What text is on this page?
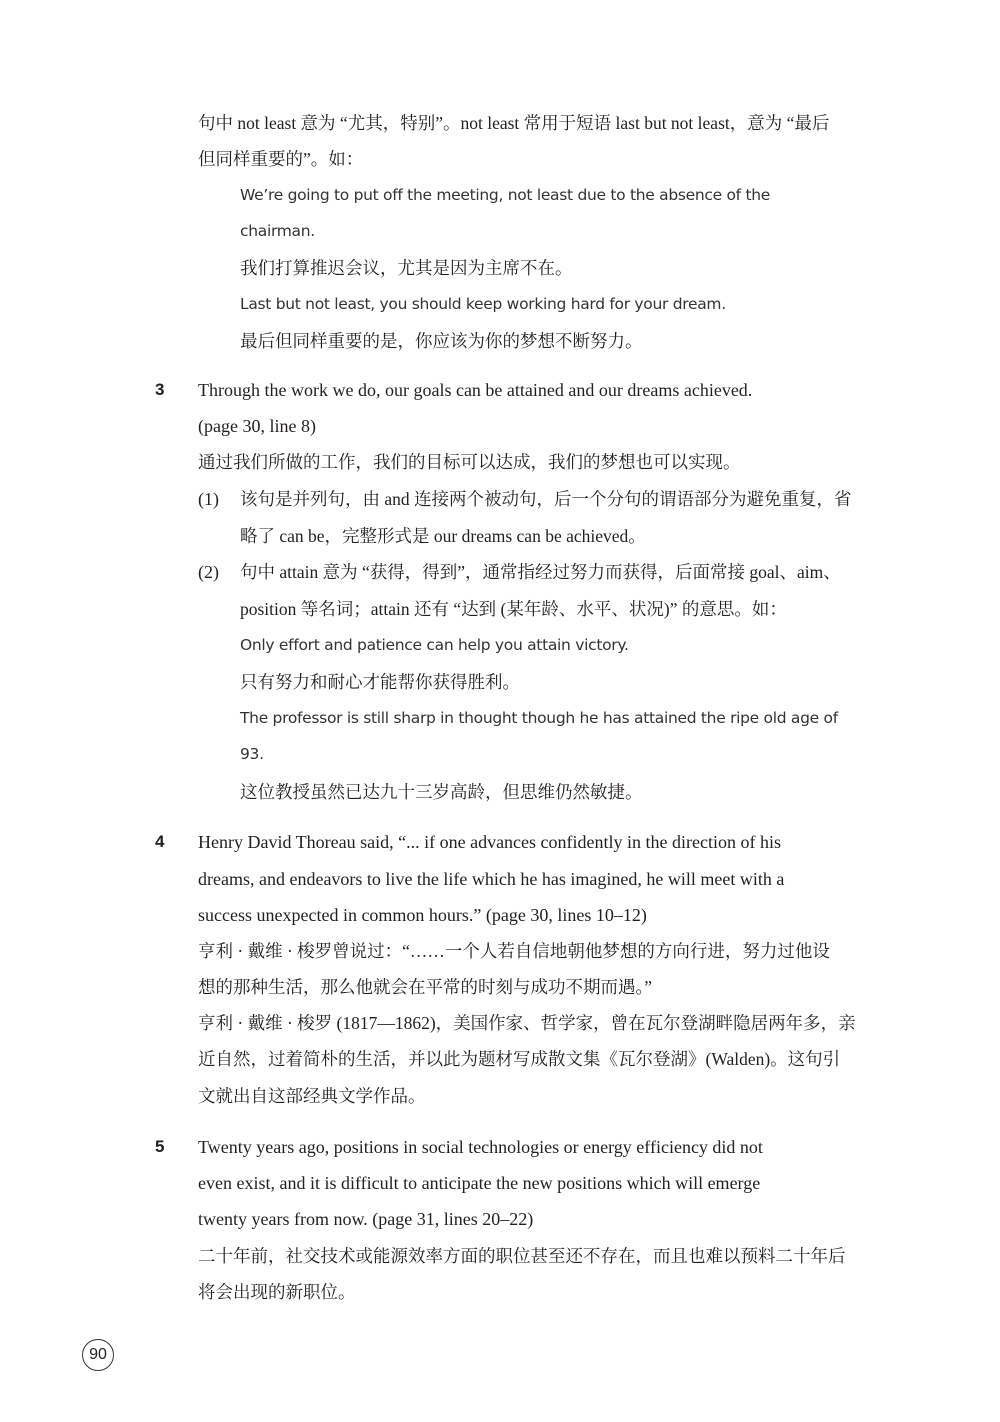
句中 not least 意为 “尤其，特别”。not least 常用于短语 last but not least，意为 “最后
但同样重要的”。如：
We’re going to put off the meeting, not least due to the absence of the
chairman.
我们打算推迟会议，尤其是因为主席不在。
Last but not least, you should keep working hard for your dream.
最后但同样重要的是，你应该为你的梦想不断努力。
3 Through the work we do, our goals can be attained and our dreams achieved.
(page 30, line 8)
通过我们所做的工作，我们的目标可以达成，我们的梦想也可以实现。
(1) 该句是并列句，由 and 连接两个被动句，后一个分句的谓语部分为避免重复，省
略了 can be，完整形式是 our dreams can be achieved。
(2) 句中 attain 意为 “获得，得到”，通常指经过努力而获得，后面常接 goal、aim、
position 等名词；attain 还有 “达到 (某年龄、水平、状况)” 的意思。如：
Only effort and patience can help you attain victory.
只有努力和耐心才能帮你获得胜利。
The professor is still sharp in thought though he has attained the ripe old age of
93.
这位教授虽然已达九十三岁高龄，但思维仍然敏捷。
4 Henry David Thoreau said, “... if one advances confidently in the direction of his
dreams, and endeavors to live the life which he has imagined, he will meet with a
success unexpected in common hours.” (page 30, lines 10–12)
亨利 · 戴维 · 梭罗曾说过：“……一个人若自信地朝他梦想的方向行进，努力过他设
想的那种生活，那么他就会在平常的时刻与成功不期而遇。”
亨利 · 戴维 · 梭罗 (1817—1862)，美国作家、哲学家，曾在瓦尔登湖畔隐居两年多，亲
近自然，过着简朴的生活，并以此为题材写成散文集《瓦尔登湖》(Walden)。这句引
文就出自这部经典文学作品。
5 Twenty years ago, positions in social technologies or energy efficiency did not
even exist, and it is difficult to anticipate the new positions which will emerge
twenty years from now. (page 31, lines 20–22)
二十年前，社交技术或能源效率方面的职位甚至还不存在，而且也难以预料二十年后
将会出现的新职位。
90
